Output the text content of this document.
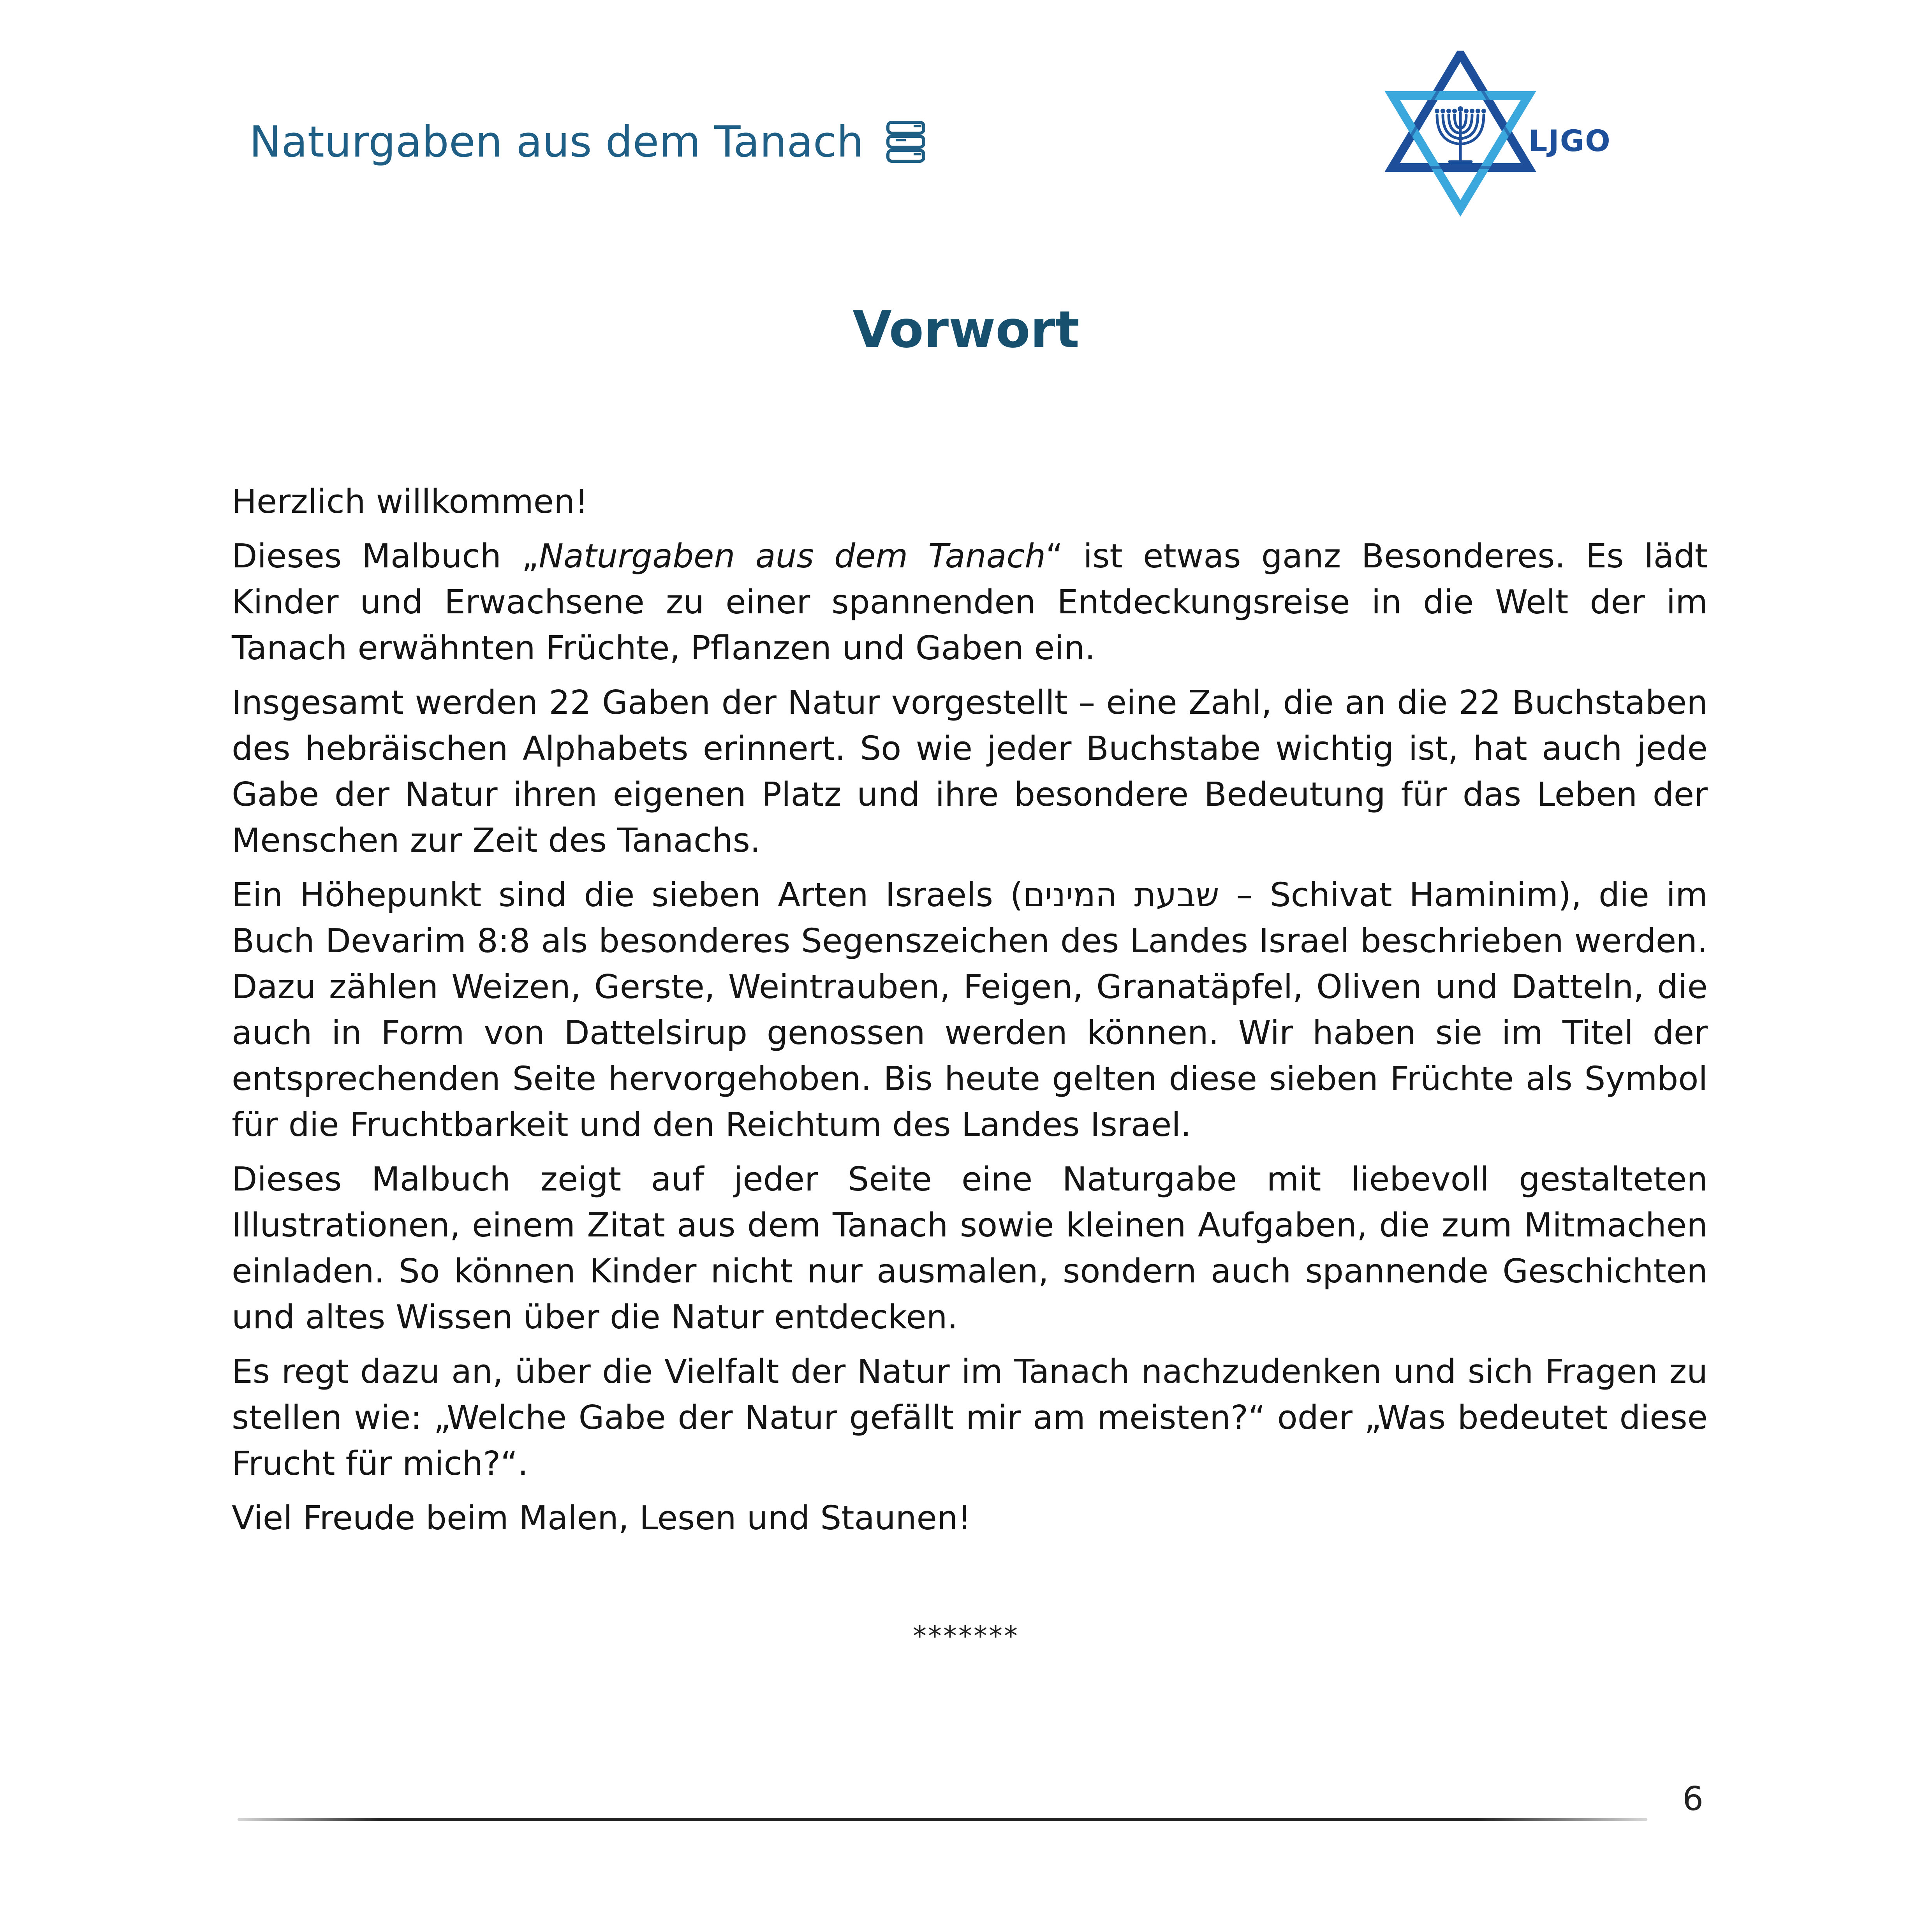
Naturgaben aus dem Tanach	LJGO
Vorwort

Herzlich willkommen!

Dieses Malbuch „Naturgaben aus dem Tanach“ ist etwas ganz Besonderes. Es lädt Kinder und Erwachsene zu einer spannenden Entdeckungsreise in die Welt der im Tanach erwähnten Früchte, Pflanzen und Gaben ein.

Insgesamt werden 22 Gaben der Natur vorgestellt – eine Zahl, die an die 22 Buchstaben des hebräischen Alphabets erinnert. So wie jeder Buchstabe wichtig ist, hat auch jede Gabe der Natur ihren eigenen Platz und ihre besondere Bedeutung für das Leben der Menschen zur Zeit des Tanachs.

Ein Höhepunkt sind die sieben Arten Israels (שבעת המינים – Schivat Haminim), die im Buch Devarim 8:8 als besonderes Segenszeichen des Landes Israel beschrieben werden. Dazu zählen Weizen, Gerste, Weintrauben, Feigen, Granatäpfel, Oliven und Datteln, die auch in Form von Dattelsirup genossen werden können. Wir haben sie im Titel der entsprechenden Seite hervorgehoben. Bis heute gelten diese sieben Früchte als Symbol für die Fruchtbarkeit und den Reichtum des Landes Israel.

Dieses Malbuch zeigt auf jeder Seite eine Naturgabe mit liebevoll gestalteten Illustrationen, einem Zitat aus dem Tanach sowie kleinen Aufgaben, die zum Mitmachen einladen. So können Kinder nicht nur ausmalen, sondern auch spannende Geschichten und altes Wissen über die Natur entdecken.

Es regt dazu an, über die Vielfalt der Natur im Tanach nachzudenken und sich Fragen zu stellen wie: „Welche Gabe der Natur gefällt mir am meisten?“ oder „Was bedeutet diese Frucht für mich?“.

Viel Freude beim Malen, Lesen und Staunen!

*******
6
